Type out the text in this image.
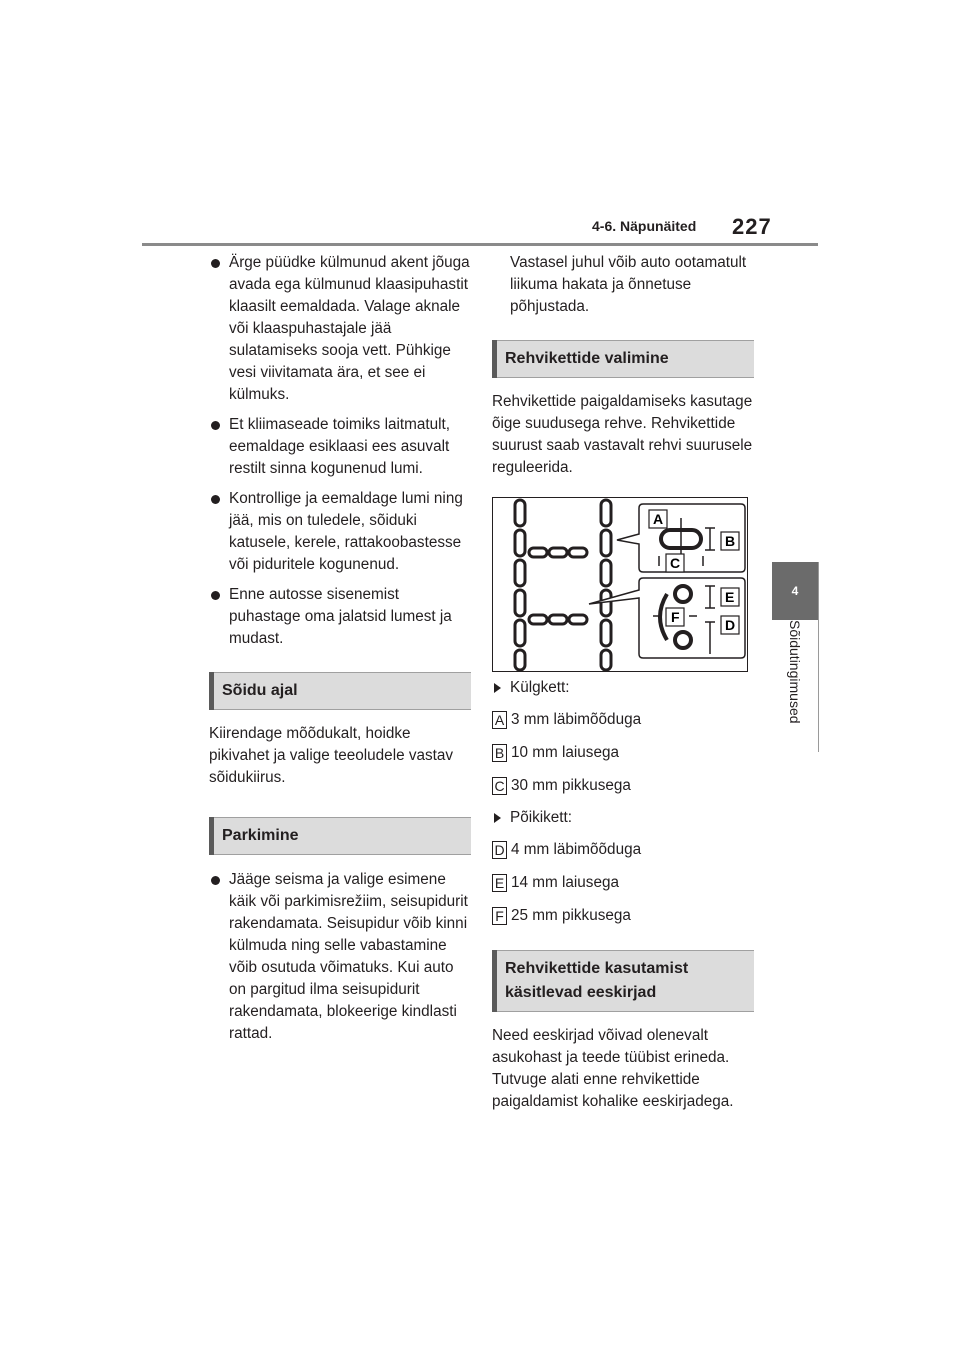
4-6. Näpunäited 227
4
Sõidutingimused
Ärge püüdke külmunud akent jõuga avada ega külmunud klaasipuhastit klaasilt eemaldada. Valage aknale või klaaspuhastajale jää sulatamiseks sooja vett. Pühkige vesi viivitamata ära, et see ei külmuks.
Et kliimaseade toimiks laitmatult, eemaldage esiklaasi ees asuvalt restilt sinna kogunenud lumi.
Kontrollige ja eemaldage lumi ning jää, mis on tuledele, sõiduki katusele, kerele, rattakoobastesse või piduritele kogunenud.
Enne autosse sisenemist puhastage oma jalatsid lumest ja mudast.
Sõidu ajal

Kiirendage mõõdukalt, hoidke pikivahet ja valige teeoludele vastav sõidukiirus.

Parkimine
Jääge seisma ja valige esimene käik või parkimisrežiim, seisupidurit rakendamata. Seisupidur võib kinni külmuda ning selle vabastamine võib osutuda võimatuks. Kui auto on pargitud ilma seisupidurit rakendamata, blokeerige kindlasti rattad.

Vastasel juhul võib auto ootamatult liikuma hakata ja õnnetuse põhjustada.

Rehvikettide valimine

Rehvikettide paigaldamiseks kasutage õige suudusega rehve. Rehvikettide suurust saab vastavalt rehvi suurusele reguleerida.

A
B
C
E
F	D
Külgkett:
A 3 mm läbimõõduga
B 10 mm laiusega
C 30 mm pikkusega
Põikikett:
D 4 mm läbimõõduga
E 14 mm laiusega
F 25 mm pikkusega
Rehvikettide kasutamist
käsitlevad eeskirjad

Need eeskirjad võivad olenevalt asukohast ja teede tüübist erineda. Tutvuge alati enne rehvikettide paigaldamist kohalike eeskirjadega.
